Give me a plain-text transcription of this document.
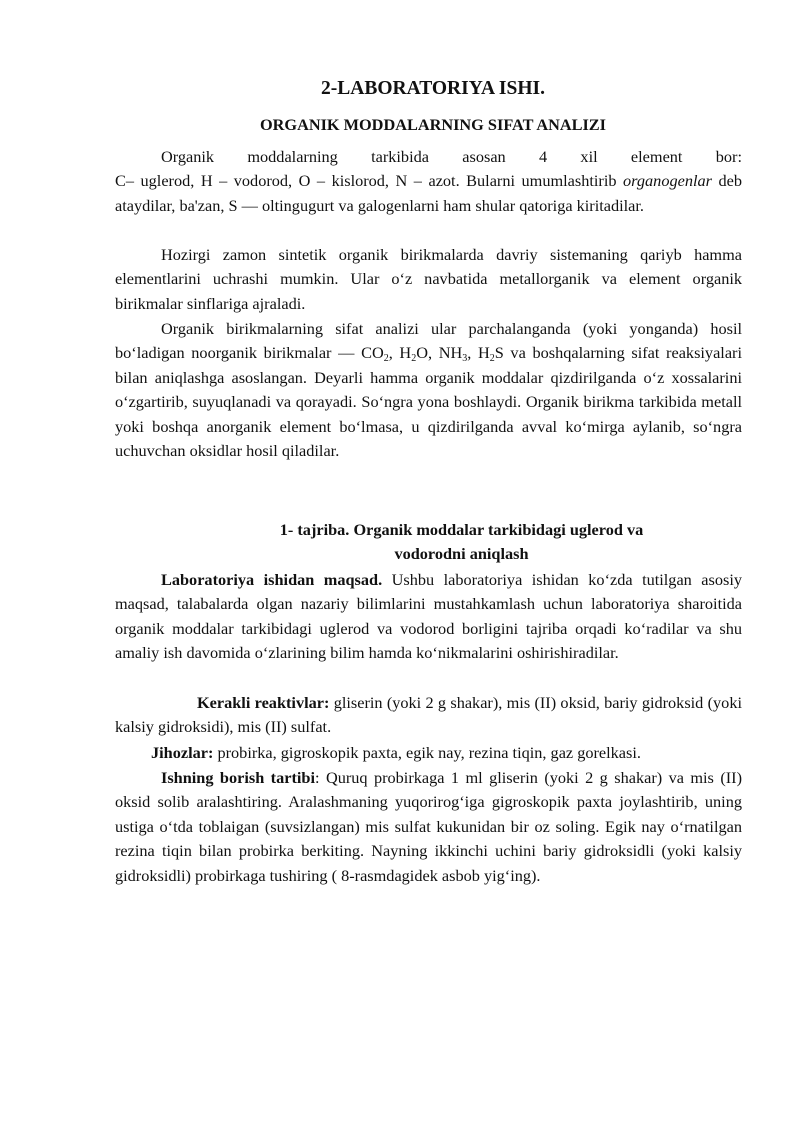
2-LABORATORIYA ISHI.
ORGANIK MODDALARNING SIFAT ANALIZI

Organik moddalarning tarkibida asosan 4 xil element bor:

C– uglerod, H – vodorod, O – kislorod, N – azot. Bularni umumlashtirib organogenlar deb ataydilar, ba'zan, S — oltingugurt va galogenlarni ham shular qatoriga kiritadilar.

Hozirgi zamon sintetik organik birikmalarda davriy sistemaning qariyb hamma elementlarini uchrashi mumkin. Ular o‘z navbatida metallorganik va element organik birikmalar sinflariga ajraladi.

Organik birikmalarning sifat analizi ular parchalanganda (yoki yonganda) hosil bo‘ladigan noorganik birikmalar — $CO_2$, $H_2O$, $NH_3$, $H_2S$ va boshqalarning sifat reaksiyalari bilan aniqlashga asoslangan. Deyarli hamma organik moddalar qizdirilganda o‘z xossalarini o‘zgartirib, suyuqlanadi va qorayadi. So‘ngra yona boshlaydi. Organik birikma tarkibida metall yoki boshqa anorganik element bo‘lmasa, u qizdirilganda avval ko‘mirga aylanib, so‘ngra uchuvchan oksidlar hosil qiladilar.

1- tajriba. Organik moddalar tarkibidagi uglerod va

vodorodni aniqlash

Laboratoriya ishidan maqsad. Ushbu laboratoriya ishidan ko‘zda tutilgan asosiy maqsad, talabalarda olgan nazariy bilimlarini mustahkamlash uchun laboratoriya sharoitida organik moddalar tarkibidagi uglerod va vodorod borligini tajriba orqadi ko‘radilar va shu amaliy ish davomida o‘zlarining bilim hamda ko‘nikmalarini oshirishiradilar.

Kerakli reaktivlar: gliserin (yoki 2 g shakar), mis (II) oksid, bariy gidroksid (yoki kalsiy gidroksidi), mis (II) sulfat.

Jihozlar: probirka, gigroskopik paxta, egik nay, rezina tiqin, gaz gorelkasi.

Ishning borish tartibi: Quruq probirkaga 1 ml gliserin (yoki 2 g shakar) va mis (II) oksid solib aralashtiring. Aralashmaning yuqorirog‘iga gigroskopik paxta joylashtirib, uning ustiga o‘tda toblaigan (suvsizlangan) mis sulfat kukunidan bir oz soling. Egik nay o‘rnatilgan rezina tiqin bilan probirka berkiting. Nayning ikkinchi uchini bariy gidroksidli (yoki kalsiy gidroksidli) probirkaga tushiring ( 8-rasmdagidek asbob yig‘ing).
